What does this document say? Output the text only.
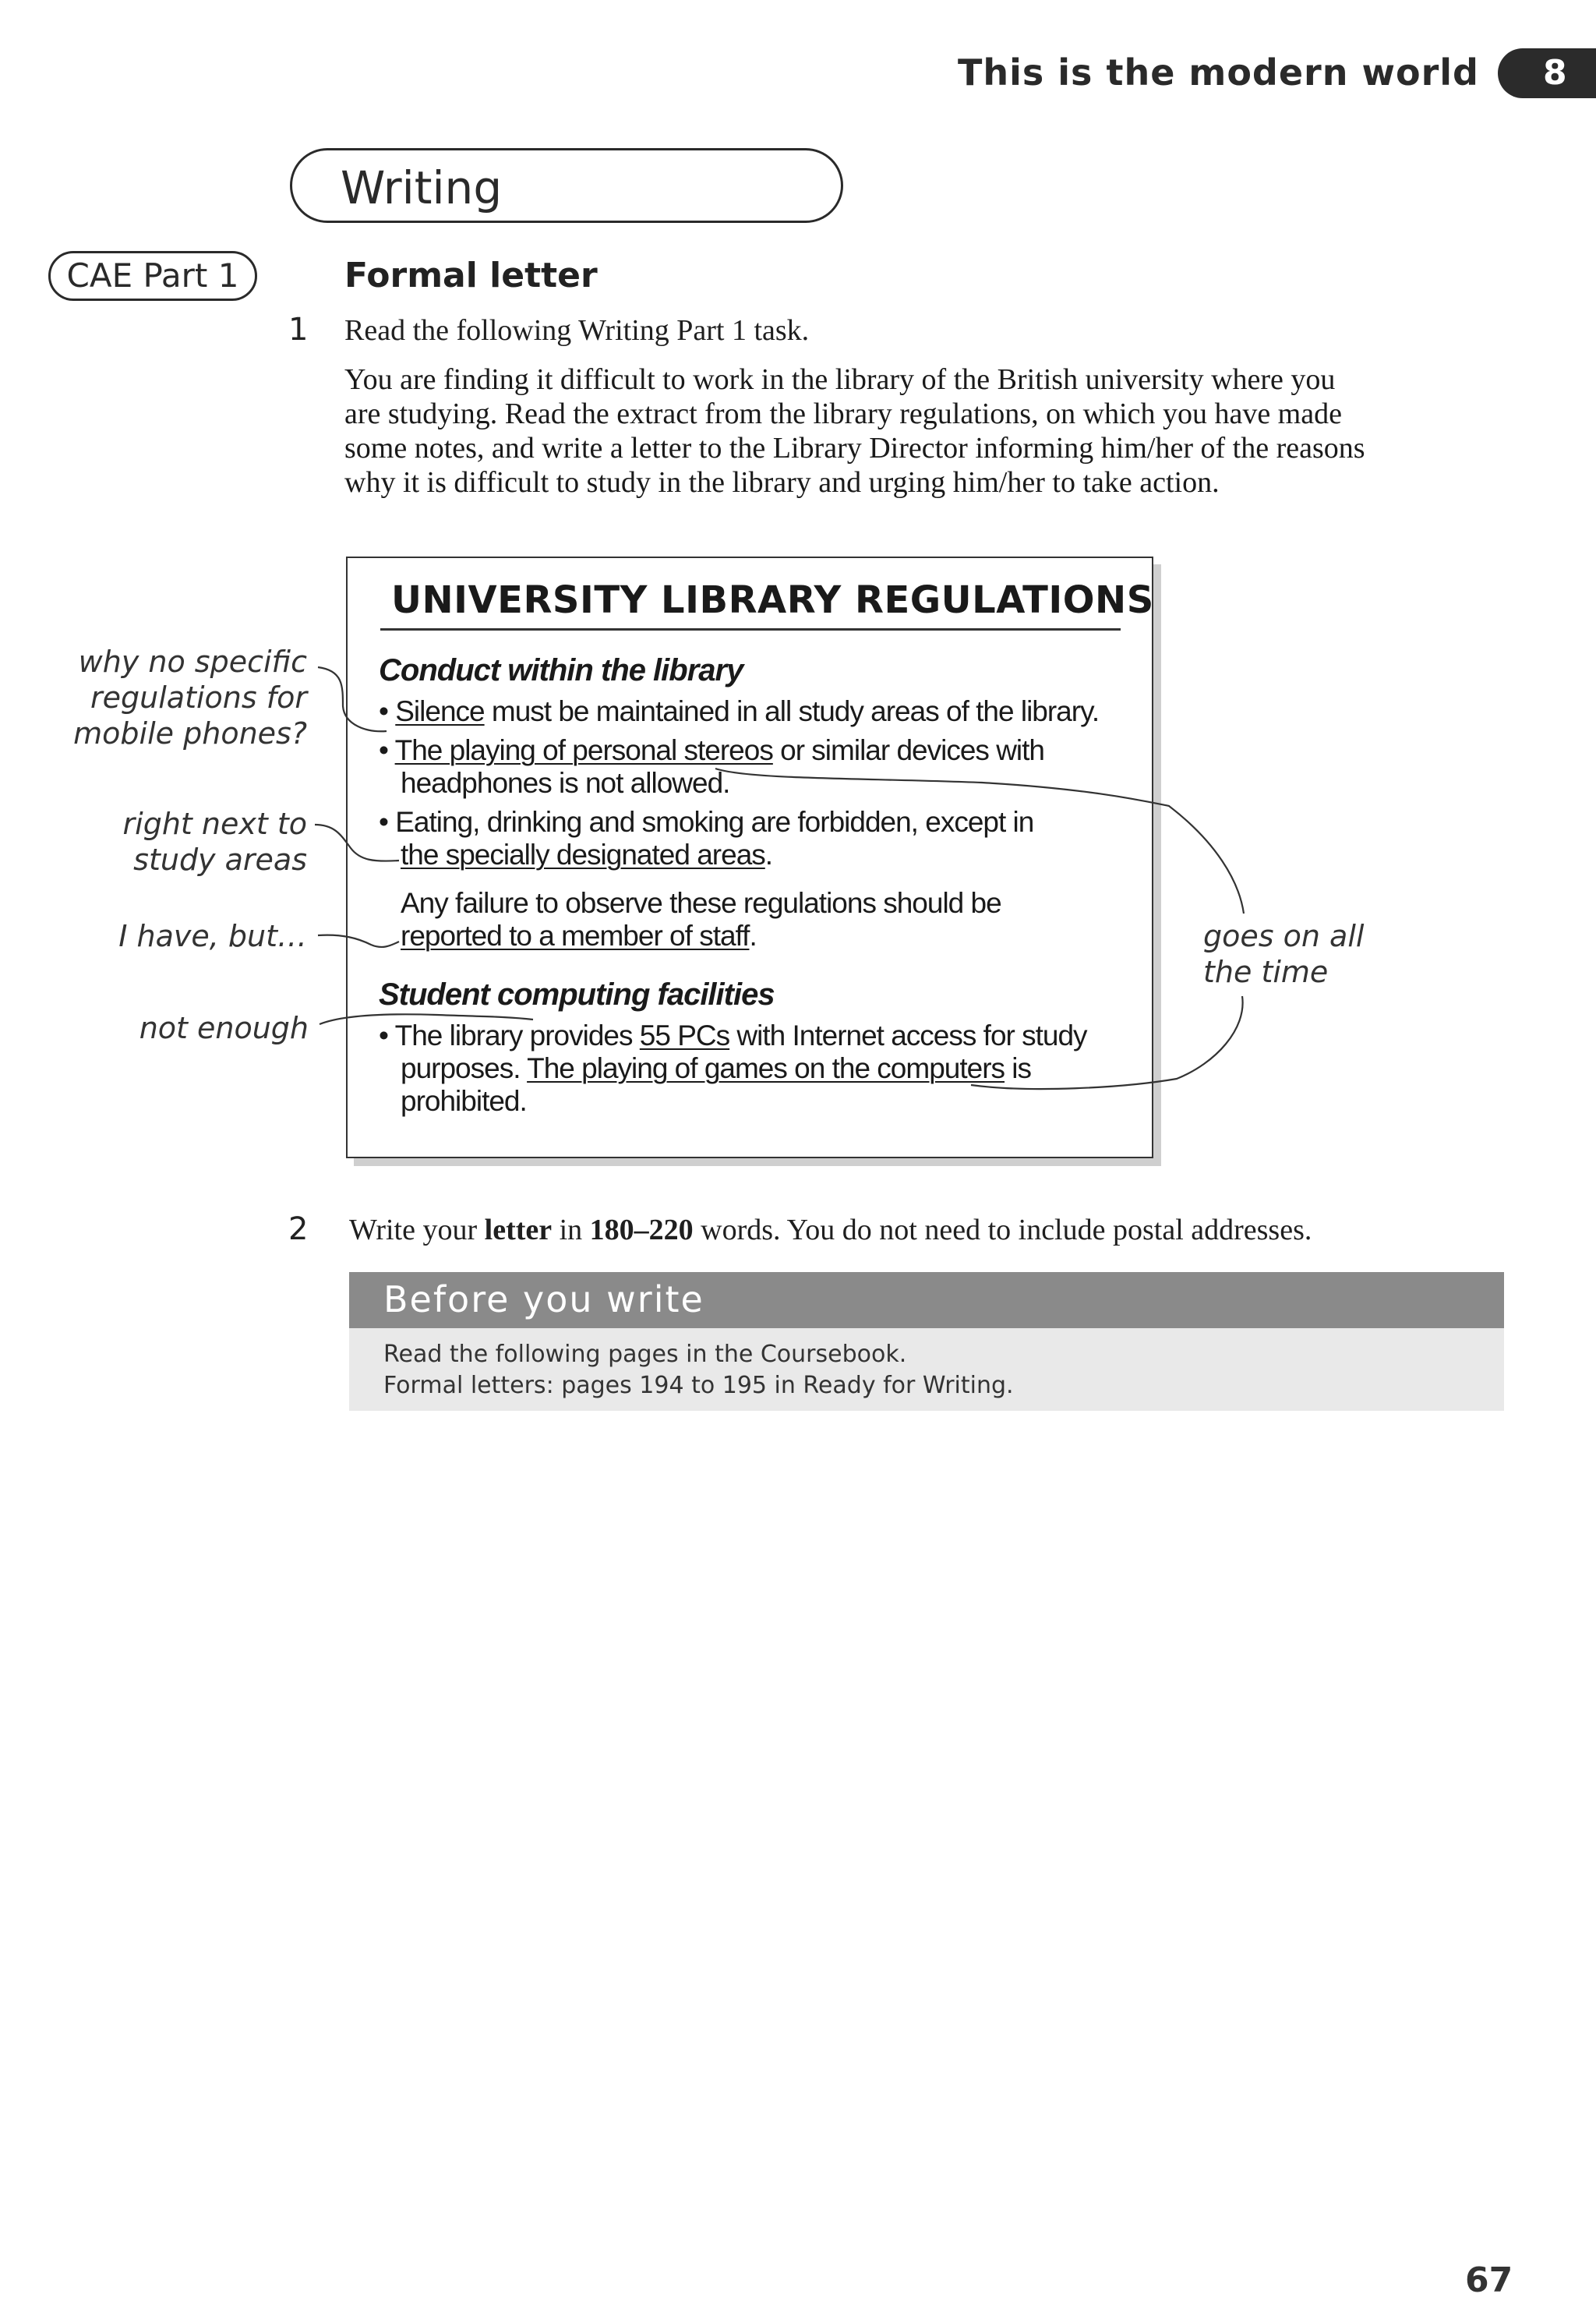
This is the modern world	8
Writing
CAE Part 1	Formal letter
1 Read the following Writing Part 1 task.
You are finding it difficult to work in the library of the British university where you
are studying. Read the extract from the library regulations, on which you have made
some notes, and write a letter to the Library Director informing him/her of the reasons
why it is difficult to study in the library and urging him/her to take action.
UNIVERSITY LIBRARY REGULATIONS
Conduct within the library
• Silence must be maintained in all study areas of the library.
• The playing of personal stereos or similar devices with
headphones is not allowed.
• Eating, drinking and smoking are forbidden, except in
the specially designated areas.
Any failure to observe these regulations should be
reported to a member of staff.
Student computing facilities
• The library provides 55 PCs with Internet access for study
purposes. The playing of games on the computers is
prohibited.
why no specific
regulations for
mobile phones?
right next to
study areas
I have, but…
not enough
goes on all
the time
2 Write your letter in 180–220 words. You do not need to include postal addresses.
Before you write
Read the following pages in the Coursebook.
Formal letters: pages 194 to 195 in Ready for Writing.
67
